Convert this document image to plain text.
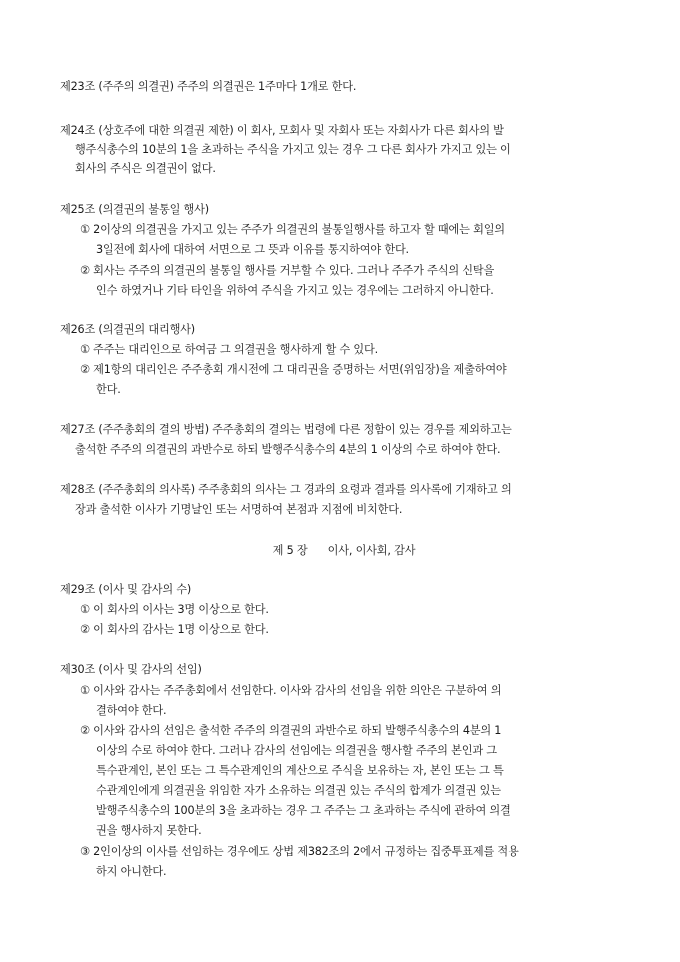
제23조 (주주의 의결권) 주주의 의결권은 1주마다 1개로 한다.
제24조 (상호주에 대한 의결권 제한) 이 회사, 모회사 및 자회사 또는 자회사가 다른 회사의 발
행주식총수의 10분의 1을 초과하는 주식을 가지고 있는 경우 그 다른 회사가 가지고 있는 이
회사의 주식은 의결권이 없다.
제25조 (의결권의 불통일 행사)
① 2이상의 의결권을 가지고 있는 주주가 의결권의 불통일행사를 하고자 할 때에는 회일의
3일전에 회사에 대하여 서면으로 그 뜻과 이유를 통지하여야 한다.
② 회사는 주주의 의결권의 불통일 행사를 거부할 수 있다. 그러나 주주가 주식의 신탁을
인수 하였거나 기타 타인을 위하여 주식을 가지고 있는 경우에는 그러하지 아니한다.
제26조 (의결권의 대리행사)
① 주주는 대리인으로 하여금 그 의결권을 행사하게 할 수 있다.
② 제1항의 대리인은 주주총회 개시전에 그 대리권을 증명하는 서면(위임장)을 제출하여야
한다.
제27조 (주주총회의 결의 방법) 주주총회의 결의는 법령에 다른 정함이 있는 경우를 제외하고는
출석한 주주의 의결권의 과반수로 하되 발행주식총수의 4분의 1 이상의 수로 하여야 한다.
제28조 (주주총회의 의사록) 주주총회의 의사는 그 경과의 요령과 결과를 의사록에 기재하고 의
장과 출석한 이사가 기명날인 또는 서명하여 본점과 지점에 비치한다.
제 5 장      이사, 이사회, 감사
제29조 (이사 및 감사의 수)
① 이 회사의 이사는 3명 이상으로 한다.
② 이 회사의 감사는 1명 이상으로 한다.
제30조 (이사 및 감사의 선임)
① 이사와 감사는 주주총회에서 선임한다. 이사와 감사의 선임을 위한 의안은 구분하여 의
결하여야 한다.
② 이사와 감사의 선임은 출석한 주주의 의결권의 과반수로 하되 발행주식총수의 4분의 1
이상의 수로 하여야 한다. 그러나 감사의 선임에는 의결권을 행사할 주주의 본인과 그
특수관계인, 본인 또는 그 특수관계인의 계산으로 주식을 보유하는 자, 본인 또는 그 특
수관계인에게 의결권을 위임한 자가 소유하는 의결권 있는 주식의 합계가 의결권 있는
발행주식총수의 100분의 3을 초과하는 경우 그 주주는 그 초과하는 주식에 관하여 의결
권을 행사하지 못한다.
③ 2인이상의 이사를 선임하는 경우에도 상법 제382조의 2에서 규정하는 집중투표제를 적용
하지 아니한다.
